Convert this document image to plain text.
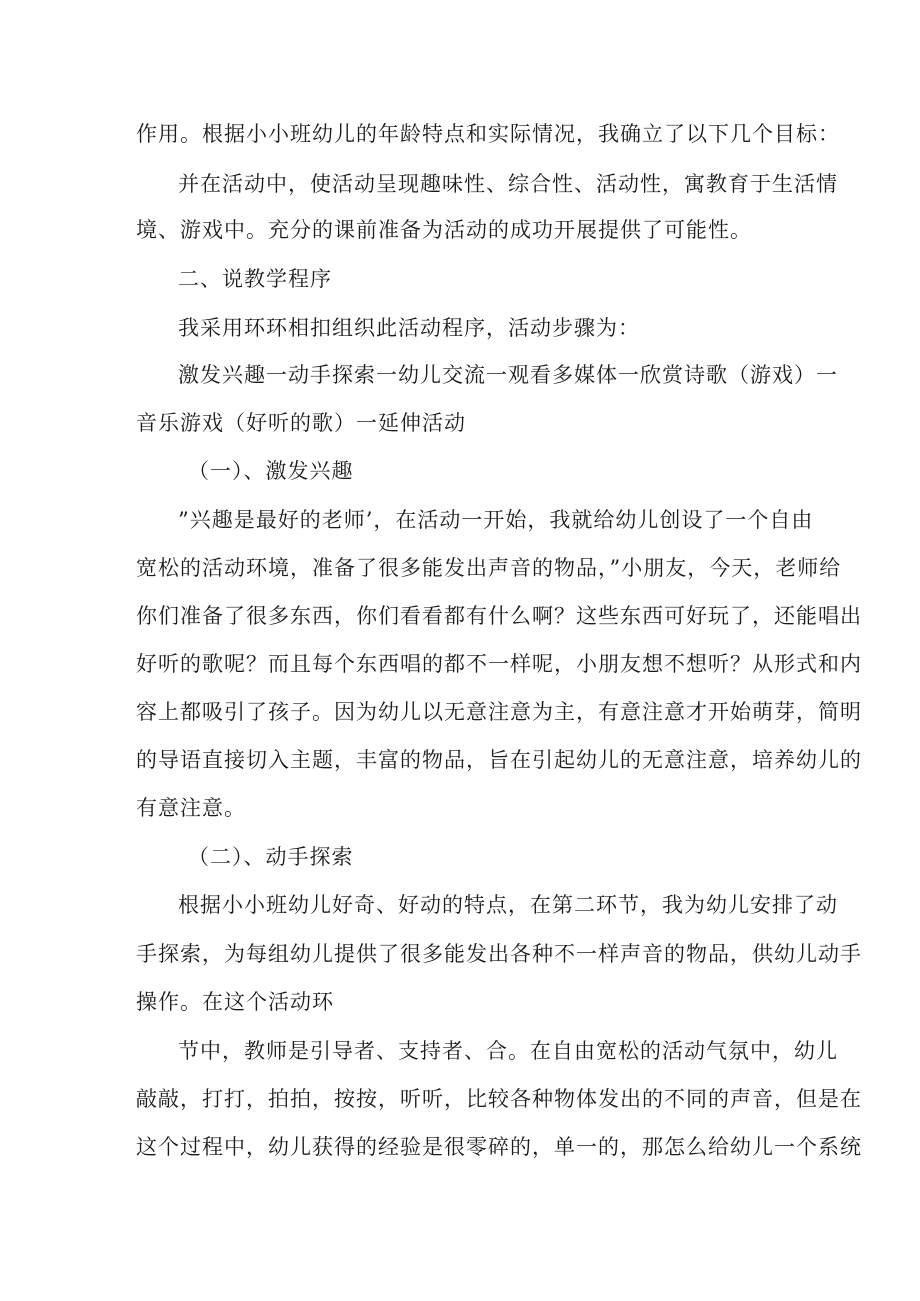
作用。根据小小班幼儿的年龄特点和实际情况，我确立了以下几个目标：
并在活动中，使活动呈现趣味性、综合性、活动性，寓教育于生活情
境、游戏中。充分的课前准备为活动的成功开展提供了可能性。
二、说教学程序
我采用环环相扣组织此活动程序，活动步骤为：
激发兴趣一动手探索一幼儿交流一观看多媒体一欣赏诗歌（游戏）一
音乐游戏（好听的歌）一延伸活动
（一）、激发兴趣
”兴趣是最好的老师’，在活动一开始，我就给幼儿创设了一个自由
宽松的活动环境，准备了很多能发出声音的物品，”小朋友，今天，老师给
你们准备了很多东西，你们看看都有什么啊？这些东西可好玩了，还能唱出
好听的歌呢？而且每个东西唱的都不一样呢，小朋友想不想听？从形式和内
容上都吸引了孩子。因为幼儿以无意注意为主，有意注意才开始萌芽，简明
的导语直接切入主题，丰富的物品，旨在引起幼儿的无意注意，培养幼儿的
有意注意。
（二）、动手探索
根据小小班幼儿好奇、好动的特点，在第二环节，我为幼儿安排了动
手探索，为每组幼儿提供了很多能发出各种不一样声音的物品，供幼儿动手
操作。在这个活动环
节中，教师是引导者、支持者、合。在自由宽松的活动气氛中，幼儿
敲敲，打打，拍拍，按按，听听，比较各种物体发出的不同的声音，但是在
这个过程中，幼儿获得的经验是很零碎的，单一的，那怎么给幼儿一个系统
